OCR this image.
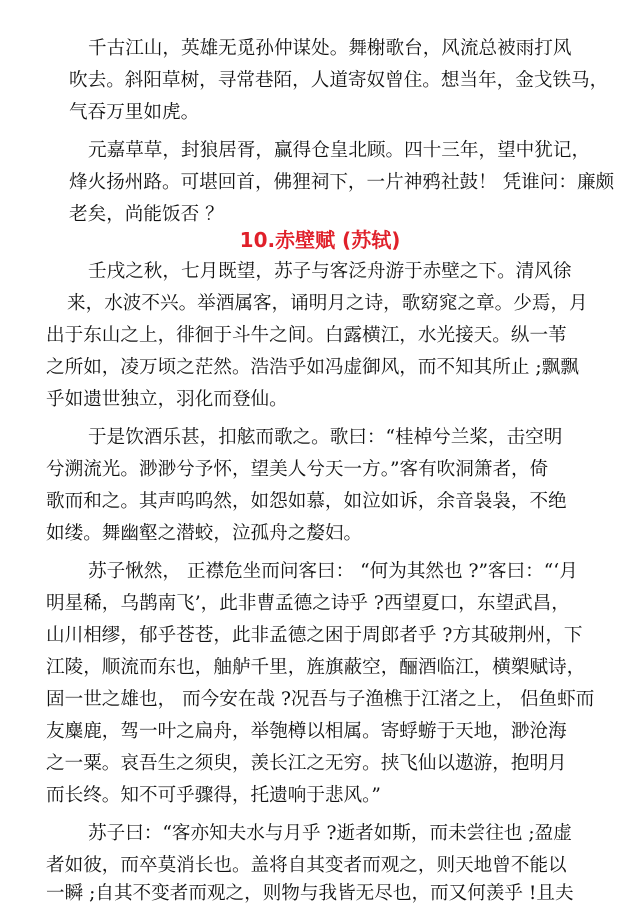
千古江山，英雄无觅孙仲谋处。舞榭歌台，风流总被雨打风
吹去。斜阳草树，寻常巷陌，人道寄奴曾住。想当年，金戈铁马，
气吞万里如虎。
元嘉草草，封狼居胥，赢得仓皇北顾。四十三年，望中犹记，
烽火扬州路。可堪回首，佛狸祠下，一片神鸦社鼓！ 凭谁问：廉颇
老矣，尚能饭否 ？
10.赤壁赋 (苏轼)
壬戌之秋，七月既望，苏子与客泛舟游于赤壁之下。清风徐
来，水波不兴。举酒属客，诵明月之诗，歌窈窕之章。少焉，月
出于东山之上，徘徊于斗牛之间。白露横江，水光接天。纵一苇
之所如，凌万顷之茫然。浩浩乎如冯虚御风，而不知其所止 ;飘飘
乎如遗世独立，羽化而登仙。
于是饮酒乐甚，扣舷而歌之。歌曰：“桂棹兮兰桨，击空明
兮溯流光。渺渺兮予怀，望美人兮天一方。”客有吹洞箫者，倚
歌而和之。其声呜呜然，如怨如慕，如泣如诉，余音袅袅，不绝
如缕。舞幽壑之潜蛟，泣孤舟之嫠妇。
苏子愀然， 正襟危坐而问客曰： “何为其然也 ?”客曰：“‘月
明星稀，乌鹊南飞’，此非曹孟德之诗乎 ?西望夏口，东望武昌，
山川相缪，郁乎苍苍，此非孟德之困于周郎者乎 ?方其破荆州，下
江陵，顺流而东也，舳舻千里，旌旗蔽空，酾酒临江，横槊赋诗，
固一世之雄也， 而今安在哉 ?况吾与子渔樵于江渚之上， 侣鱼虾而
友麋鹿，驾一叶之扁舟，举匏樽以相属。寄蜉蝣于天地，渺沧海
之一粟。哀吾生之须臾，羡长江之无穷。挟飞仙以遨游，抱明月
而长终。知不可乎骤得，托遗响于悲风。”
苏子曰：“客亦知夫水与月乎 ?逝者如斯，而未尝往也 ;盈虚
者如彼，而卒莫消长也。盖将自其变者而观之，则天地曾不能以
一瞬 ;自其不变者而观之，则物与我皆无尽也，而又何羡乎 !且夫
